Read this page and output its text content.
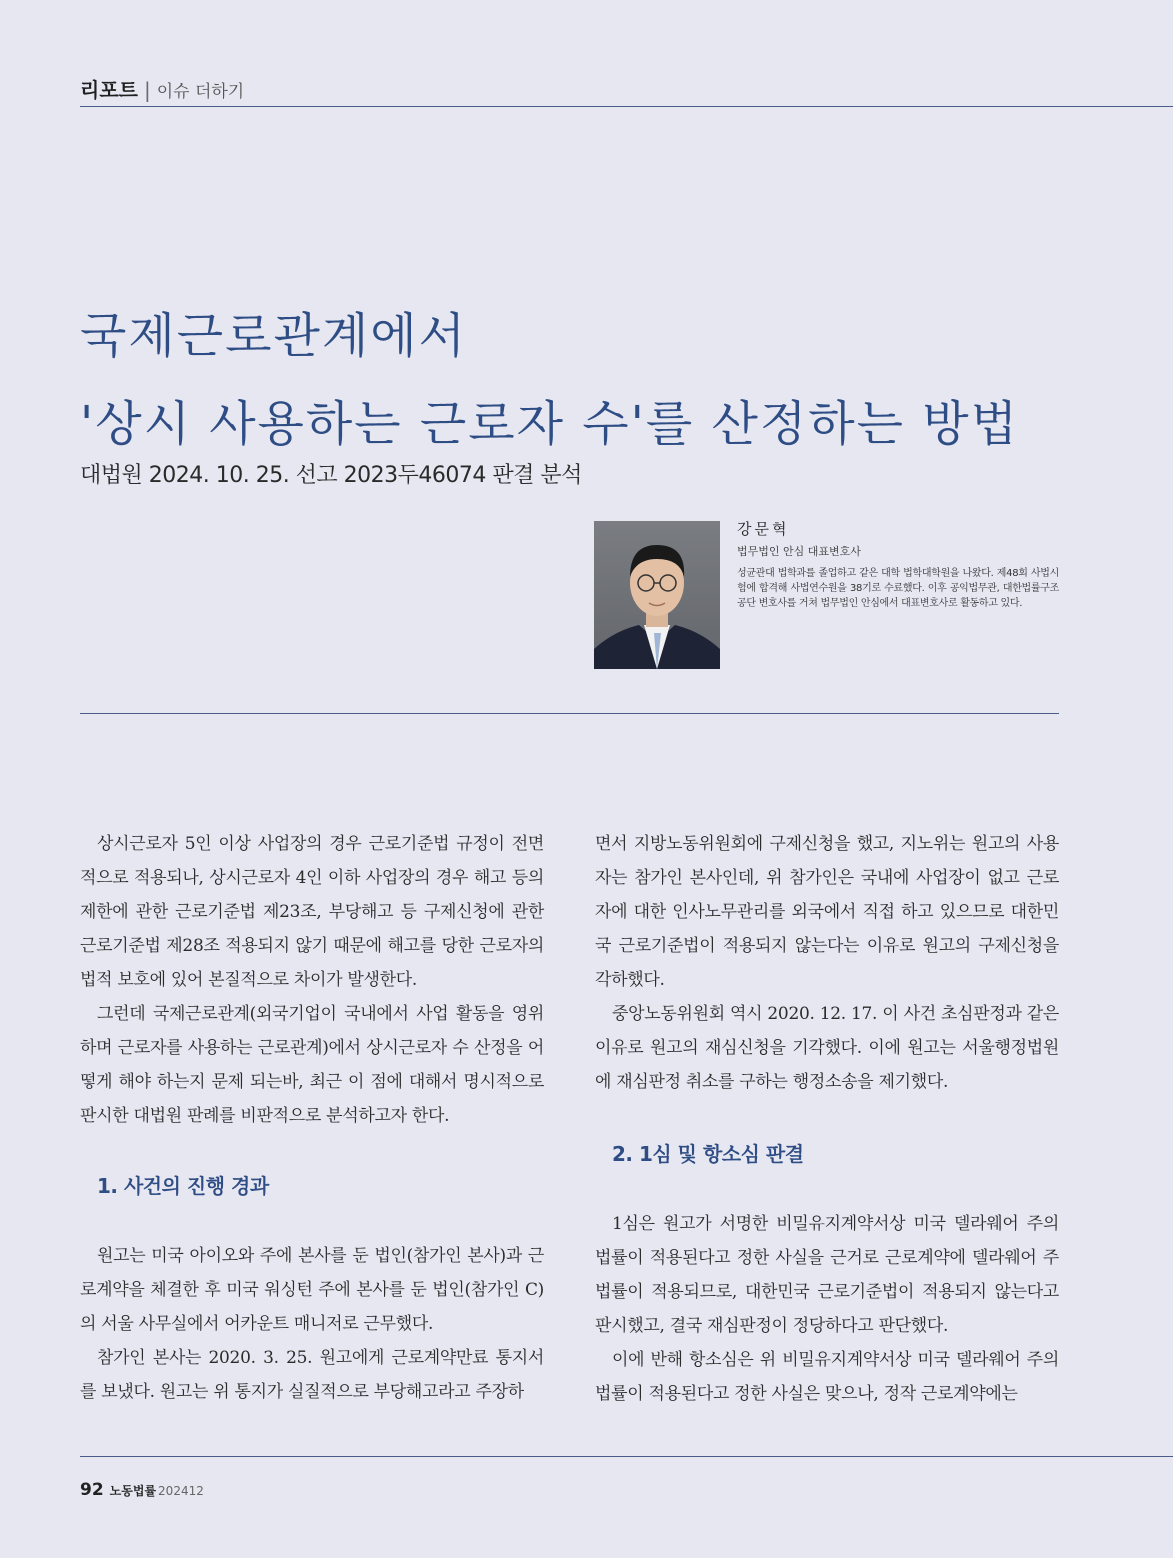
리포트 | 이슈 더하기
국제근로관계에서
'상시 사용하는 근로자 수'를 산정하는 방법
대법원 2024. 10. 25. 선고 2023두46074 판결 분석
강문혁
법무법인 안심 대표변호사
성균관대 법학과를 졸업하고 같은 대학 법학대학원을 나왔다. 제48회 사법시험에 합격해 사법연수원을 38기로 수료했다. 이후 공익법무관, 대한법률구조공단 변호사를 거쳐 법무법인 안심에서 대표변호사로 활동하고 있다.

상시근로자 5인 이상 사업장의 경우 근로기준법 규정이 전면적으로 적용되나, 상시근로자 4인 이하 사업장의 경우 해고 등의 제한에 관한 근로기준법 제23조, 부당해고 등 구제신청에 관한 근로기준법 제28조 적용되지 않기 때문에 해고를 당한 근로자의 법적 보호에 있어 본질적으로 차이가 발생한다.

그런데 국제근로관계(외국기업이 국내에서 사업 활동을 영위하며 근로자를 사용하는 근로관계)에서 상시근로자 수 산정을 어떻게 해야 하는지 문제 되는바, 최근 이 점에 대해서 명시적으로 판시한 대법원 판례를 비판적으로 분석하고자 한다.

1. 사건의 진행 경과

원고는 미국 아이오와 주에 본사를 둔 법인(참가인 본사)과 근로계약을 체결한 후 미국 워싱턴 주에 본사를 둔 법인(참가인 C)의 서울 사무실에서 어카운트 매니저로 근무했다.

참가인 본사는 2020. 3. 25. 원고에게 근로계약만료 통지서를 보냈다. 원고는 위 통지가 실질적으로 부당해고라고 주장하

면서 지방노동위원회에 구제신청을 했고, 지노위는 원고의 사용자는 참가인 본사인데, 위 참가인은 국내에 사업장이 없고 근로자에 대한 인사노무관리를 외국에서 직접 하고 있으므로 대한민국 근로기준법이 적용되지 않는다는 이유로 원고의 구제신청을 각하했다.

중앙노동위원회 역시 2020. 12. 17. 이 사건 초심판정과 같은 이유로 원고의 재심신청을 기각했다. 이에 원고는 서울행정법원에 재심판정 취소를 구하는 행정소송을 제기했다.

2. 1심 및 항소심 판결

1심은 원고가 서명한 비밀유지계약서상 미국 델라웨어 주의 법률이 적용된다고 정한 사실을 근거로 근로계약에 델라웨어 주 법률이 적용되므로, 대한민국 근로기준법이 적용되지 않는다고 판시했고, 결국 재심판정이 정당하다고 판단했다.

이에 반해 항소심은 위 비밀유지계약서상 미국 델라웨어 주의 법률이 적용된다고 정한 사실은 맞으나, 정작 근로계약에는

92 노동법률 202412
